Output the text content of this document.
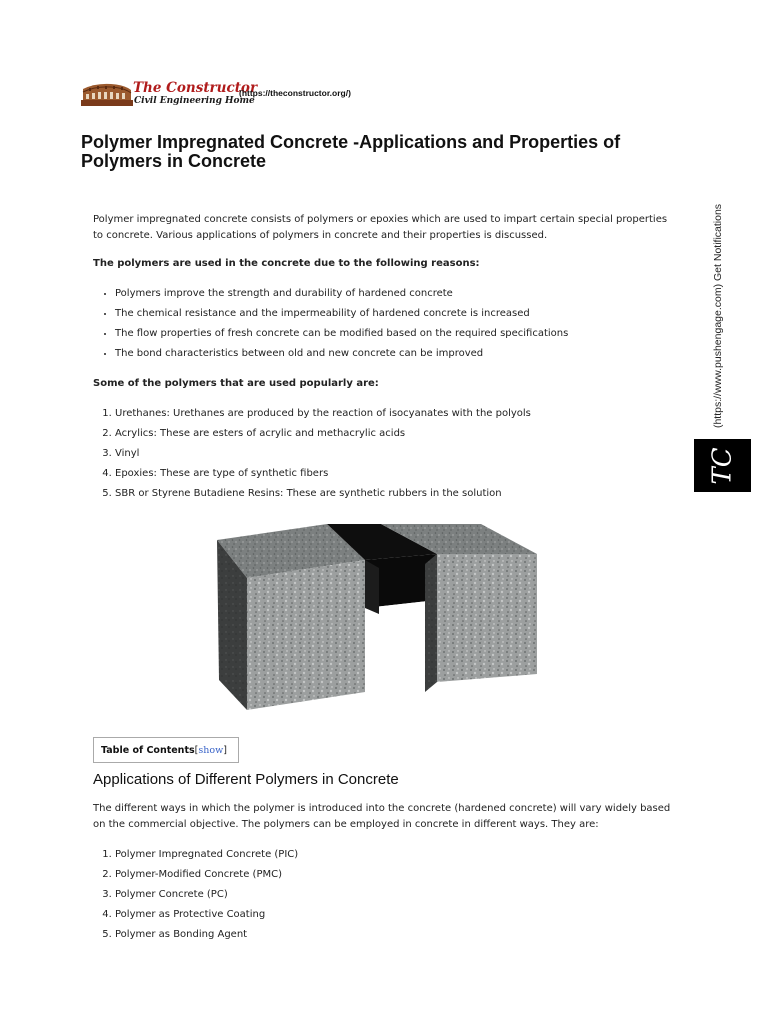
The Constructor
Civil Engineering Home
(https://theconstructor.org/)
Polymer Impregnated Concrete -Applications and Properties of Polymers in Concrete

Polymer impregnated concrete consists of polymers or epoxies which are used to impart certain special properties to concrete. Various applications of polymers in concrete and their properties is discussed.

The polymers are used in the concrete due to the following reasons:

• Polymers improve the strength and durability of hardened concrete
• The chemical resistance and the impermeability of hardened concrete is increased
• The flow properties of fresh concrete can be modified based on the required specifications
• The bond characteristics between old and new concrete can be improved

Some of the polymers that are used popularly are:

1. Urethanes: Urethanes are produced by the reaction of isocyanates with the polyols
2. Acrylics: These are esters of acrylic and methacrylic acids
3. Vinyl
4. Epoxies: These are type of synthetic fibers
5. SBR or Styrene Butadiene Resins: These are synthetic rubbers in the solution
Table of Contents [ show ]
Applications of Different Polymers in Concrete

The different ways in which the polymer is introduced into the concrete (hardened concrete) will vary widely based on the commercial objective. The polymers can be employed in concrete in different ways. They are:

1. Polymer Impregnated Concrete (PIC)
2. Polymer-Modified Concrete (PMC)
3. Polymer Concrete (PC)
4. Polymer as Protective Coating
5. Polymer as Bonding Agent
(https://www.pushengage.com) Get Notifications
TC
